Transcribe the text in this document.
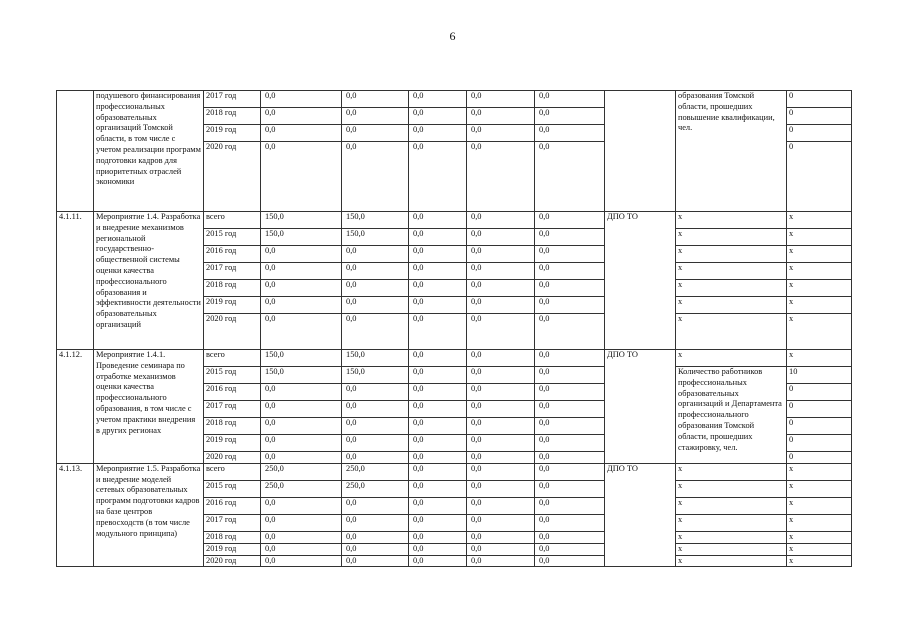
6
	подушевого финансирования профессиональных образовательных организаций Томской области, в том числе с учетом реализации программ подготовки кадров для приоритетных отраслей экономики	2017 год	0,0	0,0	0,0	0,0	0,0		образования Томской области, прошедших повышение квалификации, чел.	0
		2018 год	0,0	0,0	0,0	0,0	0,0			0
		2019 год	0,0	0,0	0,0	0,0	0,0			0
		2020 год	0,0	0,0	0,0	0,0	0,0			0
4.1.11.	Мероприятие 1.4. Разработка и внедрение механизмов региональной государственно-общественной системы оценки качества профессионального образования и эффективности деятельности образовательных организаций	всего	150,0	150,0	0,0	0,0	0,0	ДПО ТО	x	x
		2015 год	150,0	150,0	0,0	0,0	0,0		x	x
		2016 год	0,0	0,0	0,0	0,0	0,0		x	x
		2017 год	0,0	0,0	0,0	0,0	0,0		x	x
		2018 год	0,0	0,0	0,0	0,0	0,0		x	x
		2019 год	0,0	0,0	0,0	0,0	0,0		x	x
		2020 год	0,0	0,0	0,0	0,0	0,0		x	x
4.1.12.	Мероприятие 1.4.1. Проведение семинара по отработке механизмов оценки качества профессионального образования, в том числе с учетом практики внедрения в других регионах	всего	150,0	150,0	0,0	0,0	0,0	ДПО ТО	x	x
		2015 год	150,0	150,0	0,0	0,0	0,0		Количество работников профессиональных образовательных организаций и Департамента профессионального образования Томской области, прошедших стажировку, чел.	10
		2016 год	0,0	0,0	0,0	0,0	0,0			0
		2017 год	0,0	0,0	0,0	0,0	0,0			0
		2018 год	0,0	0,0	0,0	0,0	0,0			0
		2019 год	0,0	0,0	0,0	0,0	0,0			0
		2020 год	0,0	0,0	0,0	0,0	0,0			0
4.1.13.	Мероприятие 1.5. Разработка и внедрение моделей сетевых образовательных программ подготовки кадров на базе центров превосходств (в том числе модульного принципа)	всего	250,0	250,0	0,0	0,0	0,0	ДПО ТО	x	x
		2015 год	250,0	250,0	0,0	0,0	0,0		x	x
		2016 год	0,0	0,0	0,0	0,0	0,0		x	x
		2017 год	0,0	0,0	0,0	0,0	0,0		x	x
		2018 год	0,0	0,0	0,0	0,0	0,0		x	x
		2019 год	0,0	0,0	0,0	0,0	0,0		x	x
		2020 год	0,0	0,0	0,0	0,0	0,0		x	x
